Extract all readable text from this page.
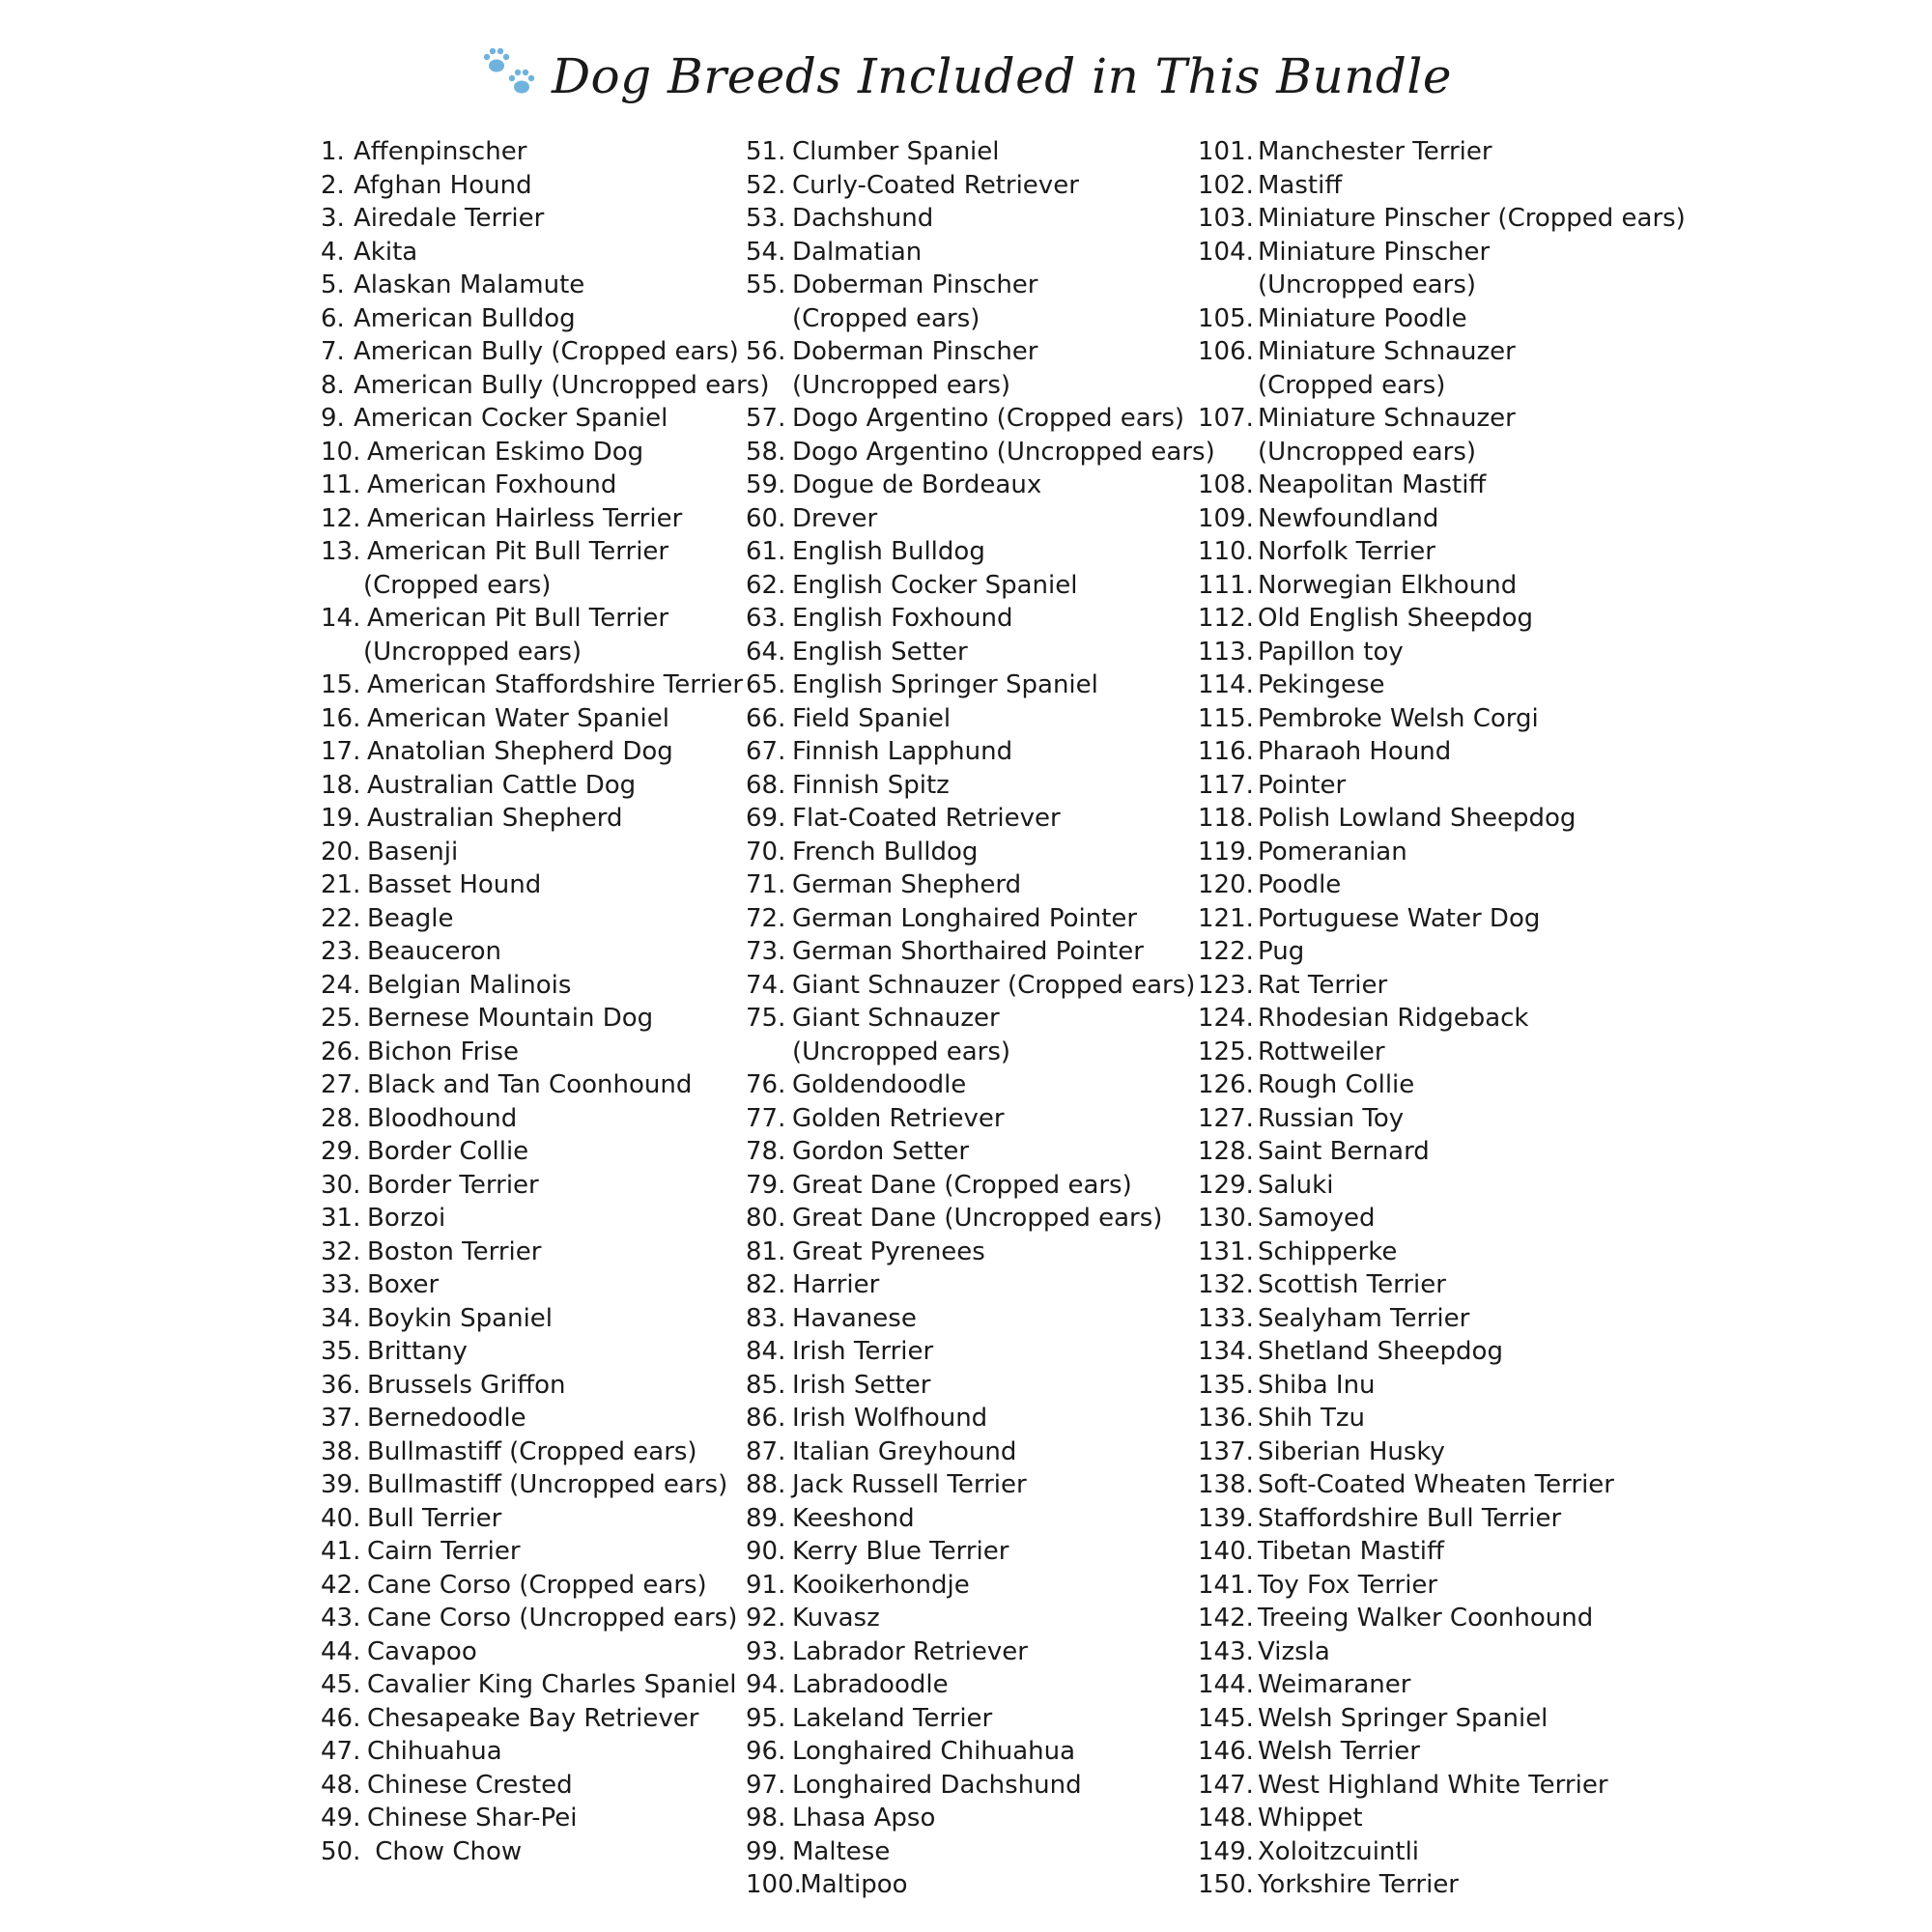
Dog Breeds Included in This Bundle
1. Affenpinscher
2. Afghan Hound
3. Airedale Terrier
4. Akita
5. Alaskan Malamute
6. American Bulldog
7. American Bully (Cropped ears)
8. American Bully (Uncropped ears)
9. American Cocker Spaniel
10. American Eskimo Dog
11. American Foxhound
12. American Hairless Terrier
13. American Pit Bull Terrier
(Cropped ears)
14. American Pit Bull Terrier
(Uncropped ears)
15. American Staffordshire Terrier
16. American Water Spaniel
17. Anatolian Shepherd Dog
18. Australian Cattle Dog
19. Australian Shepherd
20. Basenji
21. Basset Hound
22. Beagle
23. Beauceron
24. Belgian Malinois
25. Bernese Mountain Dog
26. Bichon Frise
27. Black and Tan Coonhound
28. Bloodhound
29. Border Collie
30. Border Terrier
31. Borzoi
32. Boston Terrier
33. Boxer
34. Boykin Spaniel
35. Brittany
36. Brussels Griffon
37. Bernedoodle
38. Bullmastiff (Cropped ears)
39. Bullmastiff (Uncropped ears)
40. Bull Terrier
41. Cairn Terrier
42. Cane Corso (Cropped ears)
43. Cane Corso (Uncropped ears)
44. Cavapoo
45. Cavalier King Charles Spaniel
46. Chesapeake Bay Retriever
47. Chihuahua
48. Chinese Crested
49. Chinese Shar-Pei
50. Chow Chow
51. Clumber Spaniel
52. Curly-Coated Retriever
53. Dachshund
54. Dalmatian
55. Doberman Pinscher
(Cropped ears)
56. Doberman Pinscher
(Uncropped ears)
57. Dogo Argentino (Cropped ears)
58. Dogo Argentino (Uncropped ears)
59. Dogue de Bordeaux
60. Drever
61. English Bulldog
62. English Cocker Spaniel
63. English Foxhound
64. English Setter
65. English Springer Spaniel
66. Field Spaniel
67. Finnish Lapphund
68. Finnish Spitz
69. Flat-Coated Retriever
70. French Bulldog
71. German Shepherd
72. German Longhaired Pointer
73. German Shorthaired Pointer
74. Giant Schnauzer (Cropped ears)
75. Giant Schnauzer
(Uncropped ears)
76. Goldendoodle
77. Golden Retriever
78. Gordon Setter
79. Great Dane (Cropped ears)
80. Great Dane (Uncropped ears)
81. Great Pyrenees
82. Harrier
83. Havanese
84. Irish Terrier
85. Irish Setter
86. Irish Wolfhound
87. Italian Greyhound
88. Jack Russell Terrier
89. Keeshond
90. Kerry Blue Terrier
91. Kooikerhondje
92. Kuvasz
93. Labrador Retriever
94. Labradoodle
95. Lakeland Terrier
96. Longhaired Chihuahua
97. Longhaired Dachshund
98. Lhasa Apso
99. Maltese
100. Maltipoo
101. Manchester Terrier
102. Mastiff
103. Miniature Pinscher (Cropped ears)
104. Miniature Pinscher
(Uncropped ears)
105. Miniature Poodle
106. Miniature Schnauzer
(Cropped ears)
107. Miniature Schnauzer
(Uncropped ears)
108. Neapolitan Mastiff
109. Newfoundland
110. Norfolk Terrier
111. Norwegian Elkhound
112. Old English Sheepdog
113. Papillon toy
114. Pekingese
115. Pembroke Welsh Corgi
116. Pharaoh Hound
117. Pointer
118. Polish Lowland Sheepdog
119. Pomeranian
120. Poodle
121. Portuguese Water Dog
122. Pug
123. Rat Terrier
124. Rhodesian Ridgeback
125. Rottweiler
126. Rough Collie
127. Russian Toy
128. Saint Bernard
129. Saluki
130. Samoyed
131. Schipperke
132. Scottish Terrier
133. Sealyham Terrier
134. Shetland Sheepdog
135. Shiba Inu
136. Shih Tzu
137. Siberian Husky
138. Soft-Coated Wheaten Terrier
139. Staffordshire Bull Terrier
140. Tibetan Mastiff
141. Toy Fox Terrier
142. Treeing Walker Coonhound
143. Vizsla
144. Weimaraner
145. Welsh Springer Spaniel
146. Welsh Terrier
147. West Highland White Terrier
148. Whippet
149. Xoloitzcuintli
150. Yorkshire Terrier
